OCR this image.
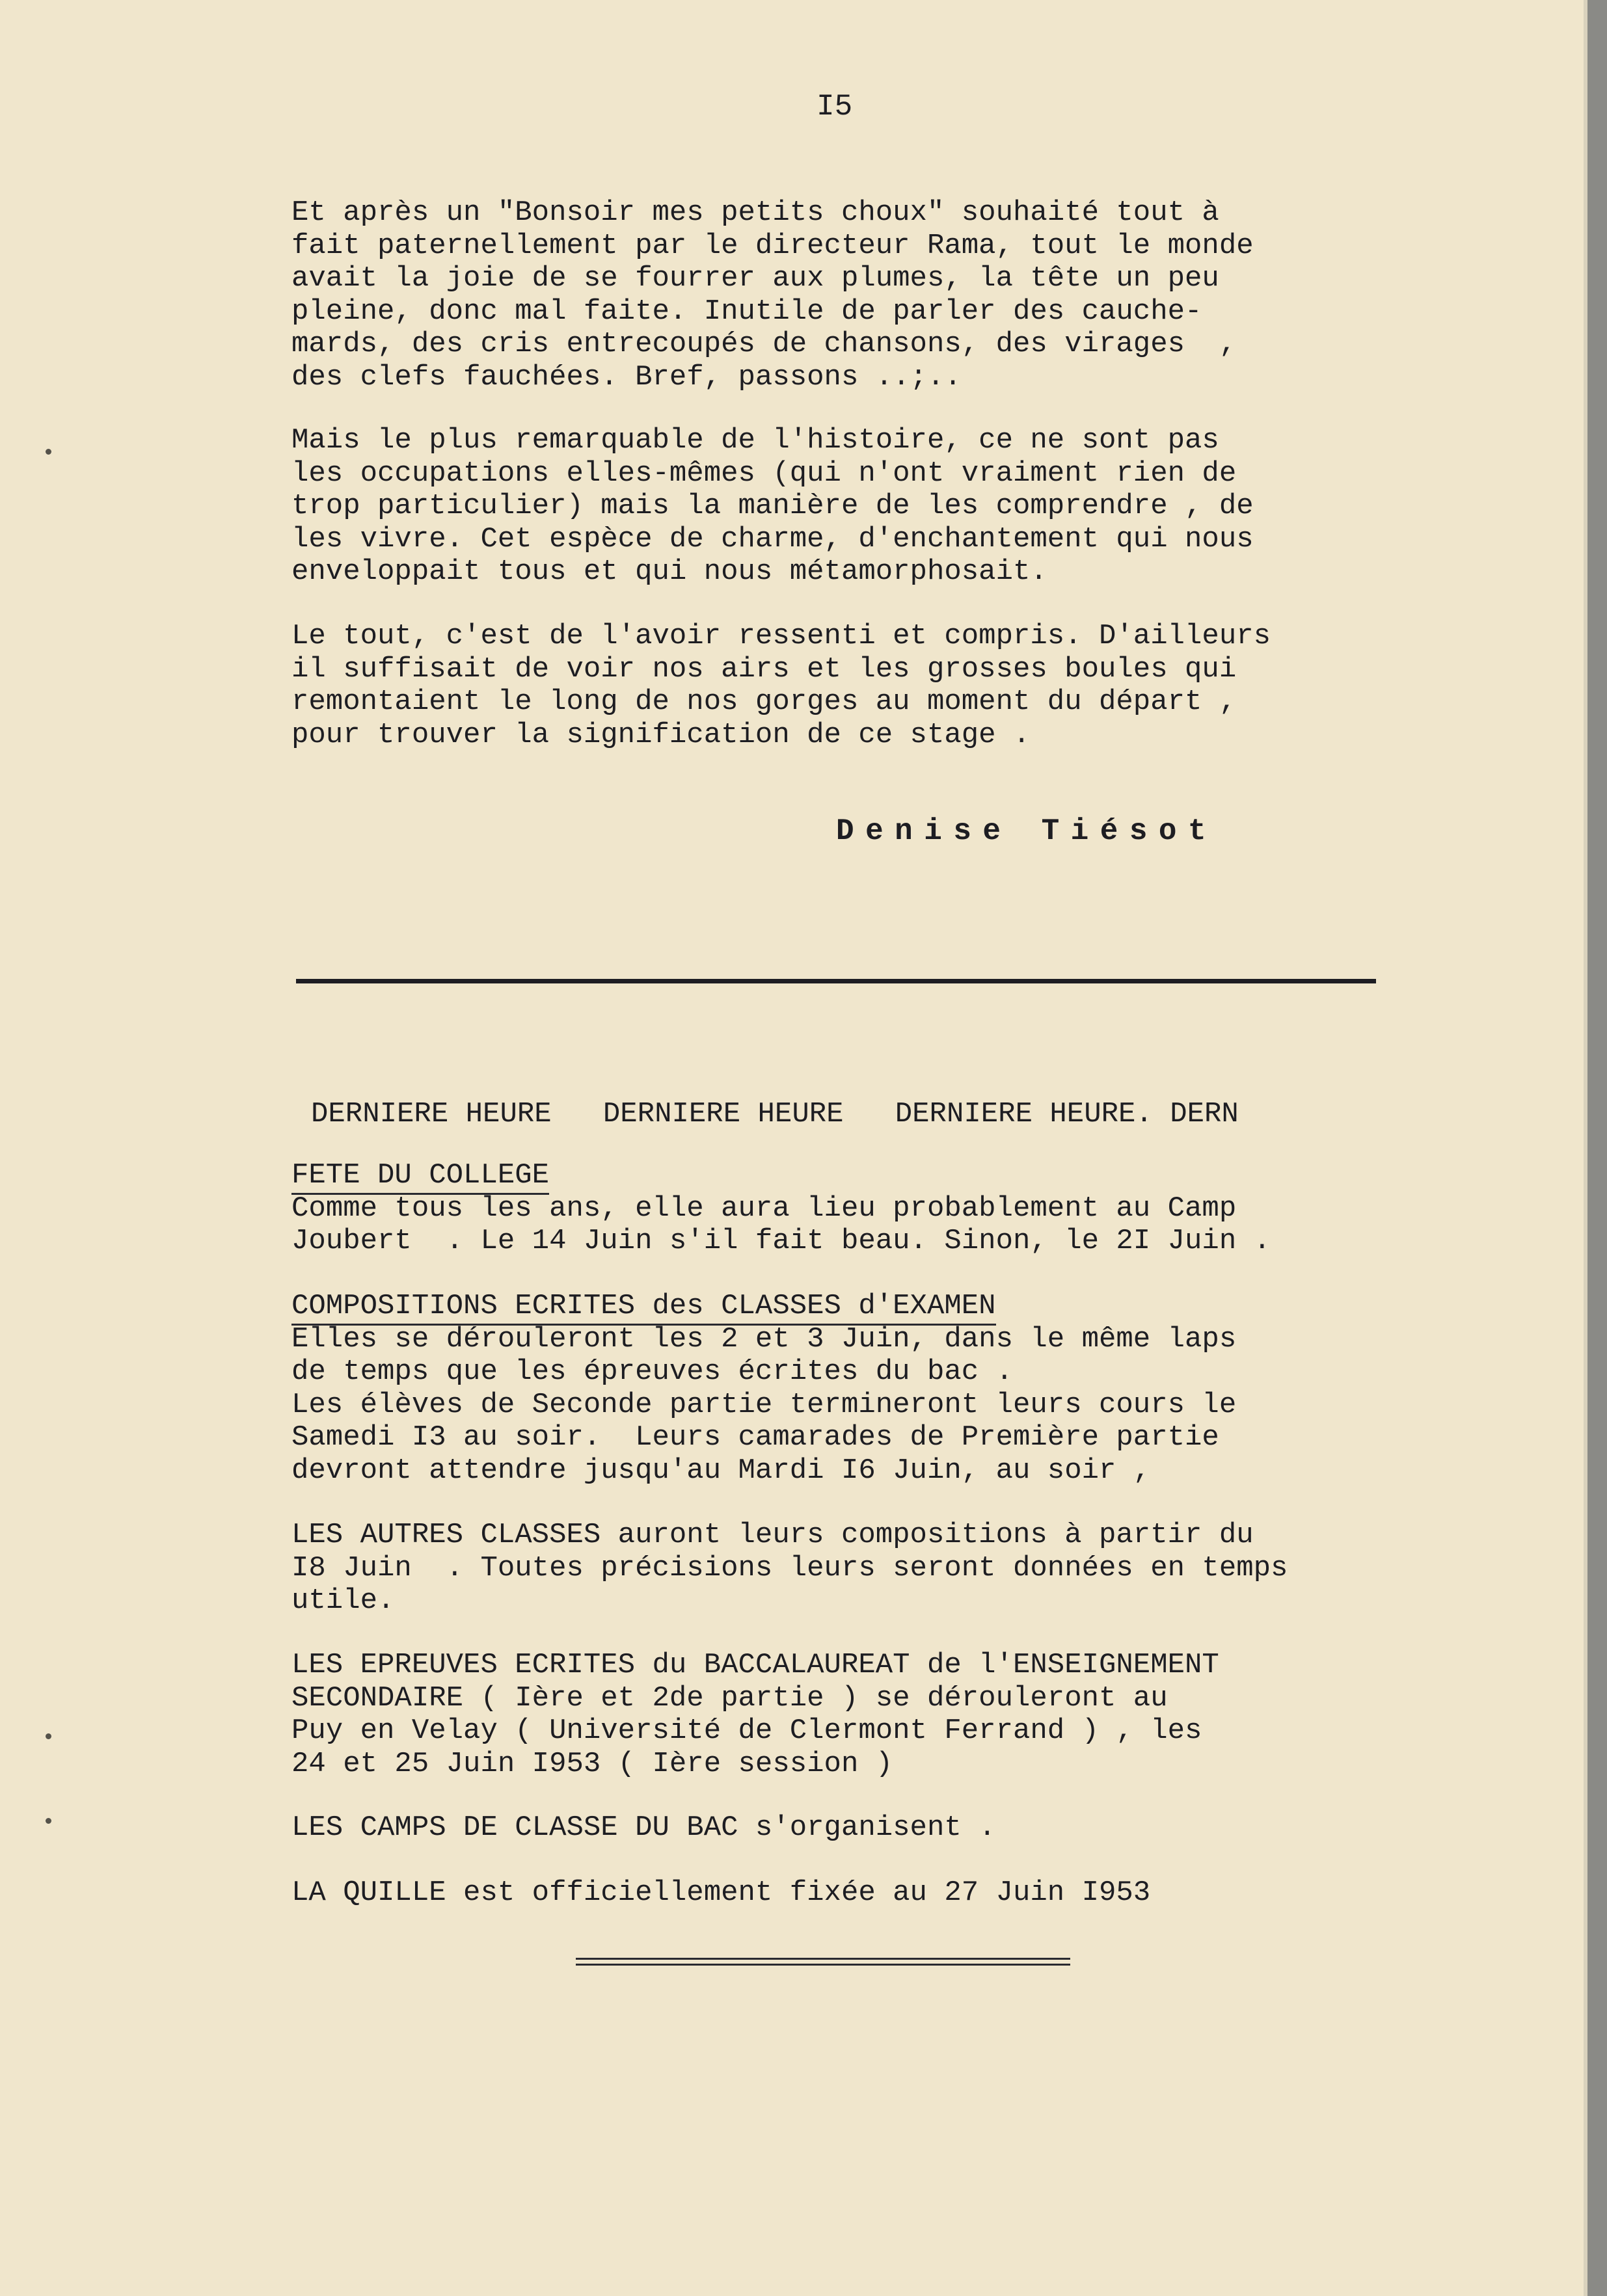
I5
Et après un "Bonsoir mes petits choux" souhaité tout à
fait paternellement par le directeur Rama, tout le monde
avait la joie de se fourrer aux plumes, la tête un peu
pleine, donc mal faite. Inutile de parler des cauche-
mards, des cris entrecoupés de chansons, des virages  ,
des clefs fauchées. Bref, passons ..;..
Mais le plus remarquable de l'histoire, ce ne sont pas
les occupations elles-mêmes (qui n'ont vraiment rien de
trop particulier) mais la manière de les comprendre , de
les vivre. Cet espèce de charme, d'enchantement qui nous
enveloppait tous et qui nous métamorphosait.
Le tout, c'est de l'avoir ressenti et compris. D'ailleurs
il suffisait de voir nos airs et les grosses boules qui
remontaient le long de nos gorges au moment du départ ,
pour trouver la signification de ce stage .
Denise Tiésot
DERNIERE HEURE   DERNIERE HEURE   DERNIERE HEURE. DERN
FETE DU COLLEGE
Comme tous les ans, elle aura lieu probablement au Camp
Joubert  . Le 14 Juin s'il fait beau. Sinon, le 2I Juin .
COMPOSITIONS ECRITES des CLASSES d'EXAMEN
Elles se dérouleront les 2 et 3 Juin, dans le même laps
de temps que les épreuves écrites du bac .
Les élèves de Seconde partie termineront leurs cours le
Samedi I3 au soir.  Leurs camarades de Première partie
devront attendre jusqu'au Mardi I6 Juin, au soir ,
LES AUTRES CLASSES auront leurs compositions à partir du
I8 Juin  . Toutes précisions leurs seront données en temps
utile.
LES EPREUVES ECRITES du BACCALAUREAT de l'ENSEIGNEMENT
SECONDAIRE ( Ière et 2de partie ) se dérouleront au
Puy en Velay ( Université de Clermont Ferrand ) , les
24 et 25 Juin I953 ( Ière session )
LES CAMPS DE CLASSE DU BAC s'organisent .
LA QUILLE est officiellement fixée au 27 Juin I953
